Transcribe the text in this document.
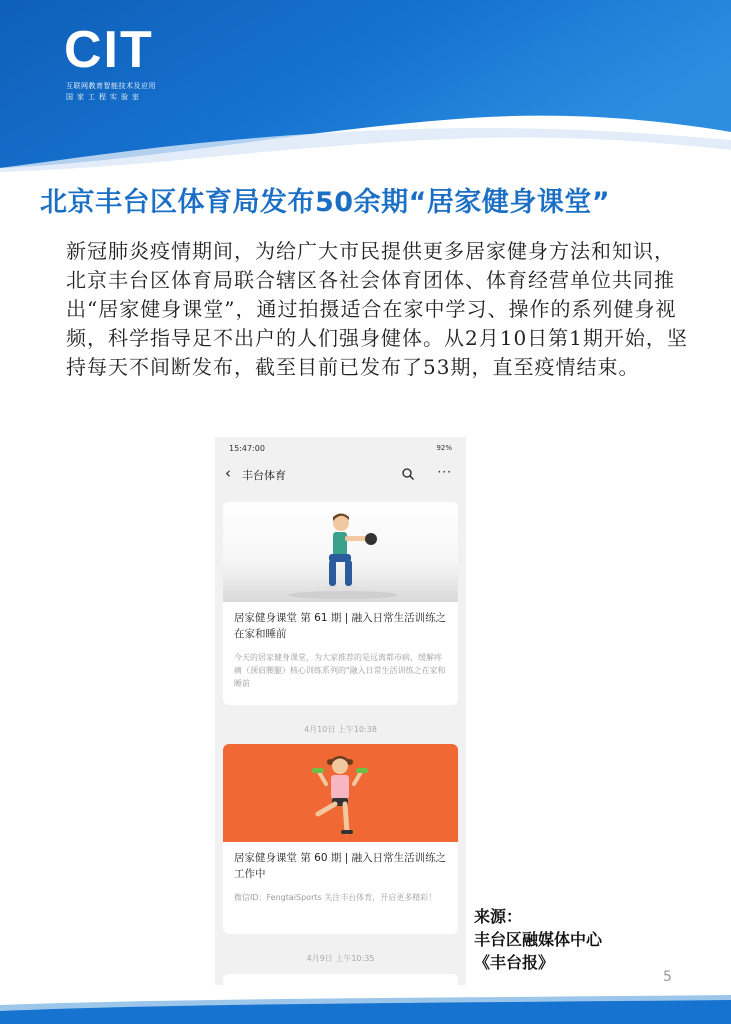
CIT
互联网教育智能技术及应用
国家工程实验室
北京丰台区体育局发布50余期“居家健身课堂”
新冠肺炎疫情期间，为给广大市民提供更多居家健身方法和知识，北京丰台区体育局联合辖区各社会体育团体、体育经营单位共同推出“居家健身课堂”，通过拍摄适合在家中学习、操作的系列健身视频，科学指导足不出户的人们强身健体。从2月10日第1期开始，坚持每天不间断发布，截至目前已发布了53期，直至疫情结束。
15:47:00	92%
‹ 丰台体育	···
居家健身课堂 第 61 期 | 融入日常生活训练之在家和睡前
今天的居家健身课堂，为大家推荐的是远离都市病，缓解疼痛（颈肩腰腿）核心训练系列的"融入日常生活训练之在家和睡前
4月10日 上午10:38
居家健身课堂 第 60 期 | 融入日常生活训练之工作中
微信ID：FengtaiSports 关注丰台体育，开启更多精彩！
4月9日 上午10:35
来源：
丰台区融媒体中心 《丰台报》
5
